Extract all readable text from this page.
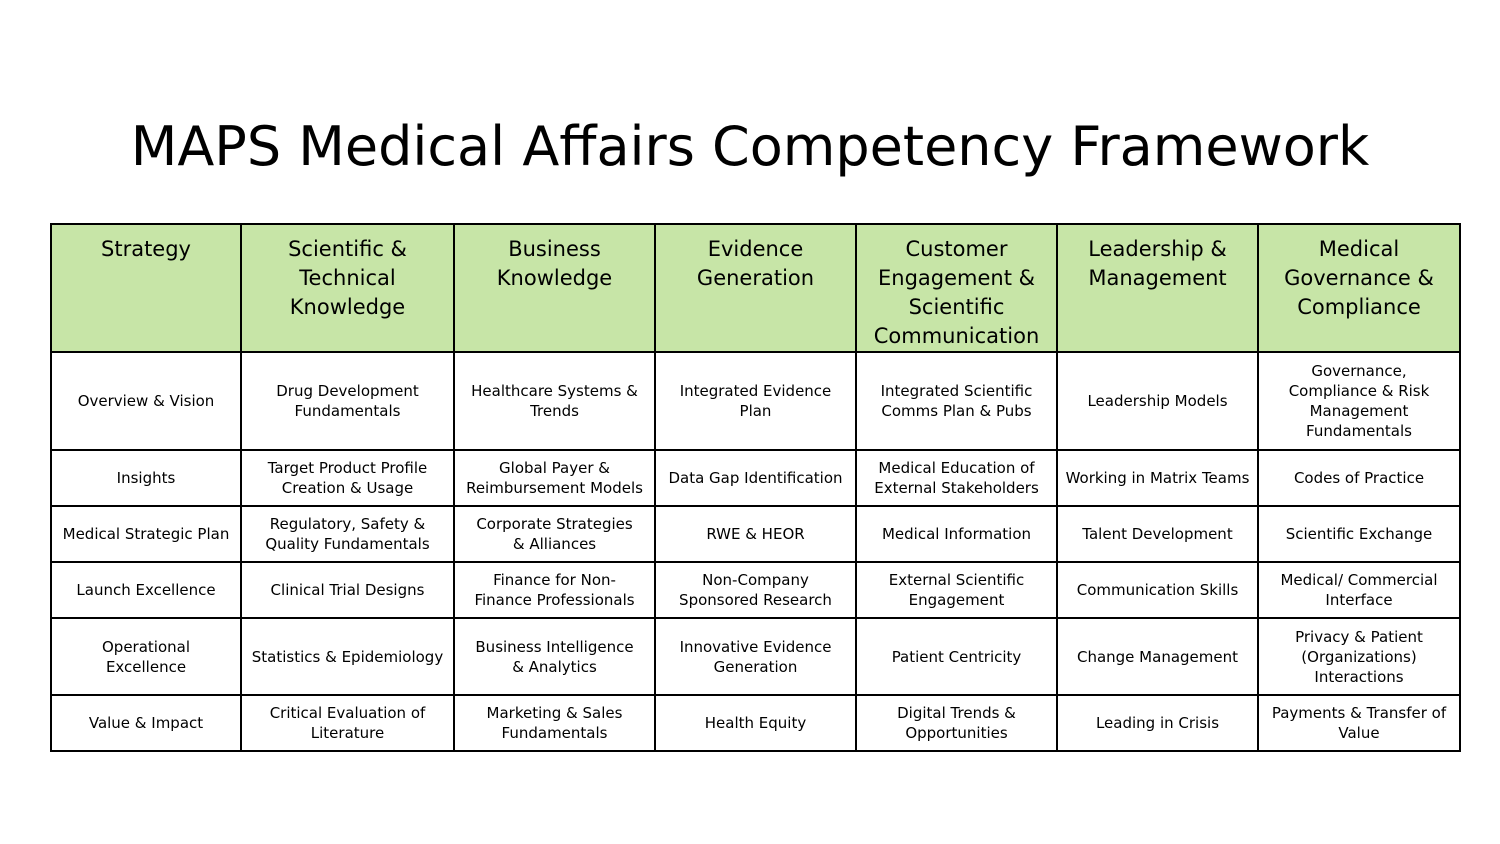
MAPS Medical Affairs Competency Framework
Strategy	Scientific & Technical Knowledge	Business Knowledge	Evidence Generation	Customer Engagement & Scientific Communication	Leadership & Management	Medical Governance & Compliance
Overview & Vision	Drug Development Fundamentals	Healthcare Systems & Trends	Integrated Evidence Plan	Integrated Scientific Comms Plan & Pubs	Leadership Models	Governance, Compliance & Risk Management Fundamentals
Insights	Target Product Profile Creation & Usage	Global Payer & Reimbursement Models	Data Gap Identification	Medical Education of External Stakeholders	Working in Matrix Teams	Codes of Practice
Medical Strategic Plan	Regulatory, Safety & Quality Fundamentals	Corporate Strategies & Alliances	RWE & HEOR	Medical Information	Talent Development	Scientific Exchange
Launch Excellence	Clinical Trial Designs	Finance for Non-Finance Professionals	Non-Company Sponsored Research	External Scientific Engagement	Communication Skills	Medical/ Commercial Interface
Operational Excellence	Statistics & Epidemiology	Business Intelligence & Analytics	Innovative Evidence Generation	Patient Centricity	Change Management	Privacy & Patient (Organizations) Interactions
Value & Impact	Critical Evaluation of Literature	Marketing & Sales Fundamentals	Health Equity	Digital Trends & Opportunities	Leading in Crisis	Payments & Transfer of Value
